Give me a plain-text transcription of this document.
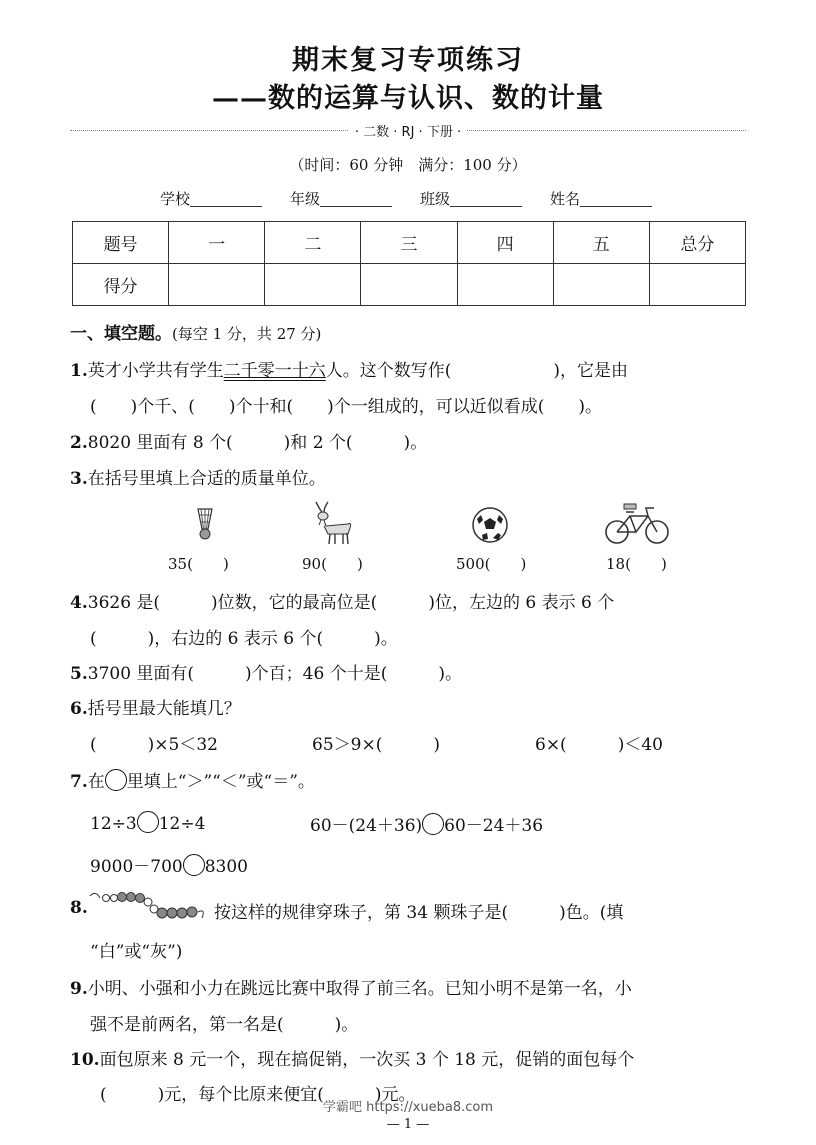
期末复习专项练习
——数的运算与认识、数的计量
· 二数 · RJ · 下册 ·
（时间：60 分钟　满分：100 分）
学校	年级	班级	姓名
题号	一	二	三	四	五	总分
得分						
一、填空题。(每空 1 分，共 27 分)
1.英才小学共有学生二千零一十六人。这个数写作(　　　　　　)，它是由
(　　)个千、(　　)个十和(　　)个一组成的，可以近似看成(　　)。
2.8020 里面有 8 个(　　　)和 2 个(　　　)。
3.在括号里填上合适的质量单位。
35(　　)	90(　　)	500(　　)	18(　　)
4.3626 是(　　　)位数，它的最高位是(　　　)位，左边的 6 表示 6 个
(　　　)，右边的 6 表示 6 个(　　　)。
5.3700 里面有(　　　)个百；46 个十是(　　　)。
6.括号里最大能填几？
(　　　)×5＜32	65＞9×(　　　)	6×(　　　)＜40
7.在 里填上“＞”“＜”或“＝”。
12÷3 12÷4	60－(24＋36) 60－24＋36
9000－700 8300
8.	按这样的规律穿珠子，第 34 颗珠子是(　　　)色。(填
“白”或“灰”)
9.小明、小强和小力在跳远比赛中取得了前三名。已知小明不是第一名，小
强不是前两名，第一名是(　　　)。
10.面包原来 8 元一个，现在搞促销，一次买 3 个 18 元，促销的面包每个
(　　　)元，每个比原来便宜(　　　)元。
学霸吧 https://xueba8.com
— 1 —
